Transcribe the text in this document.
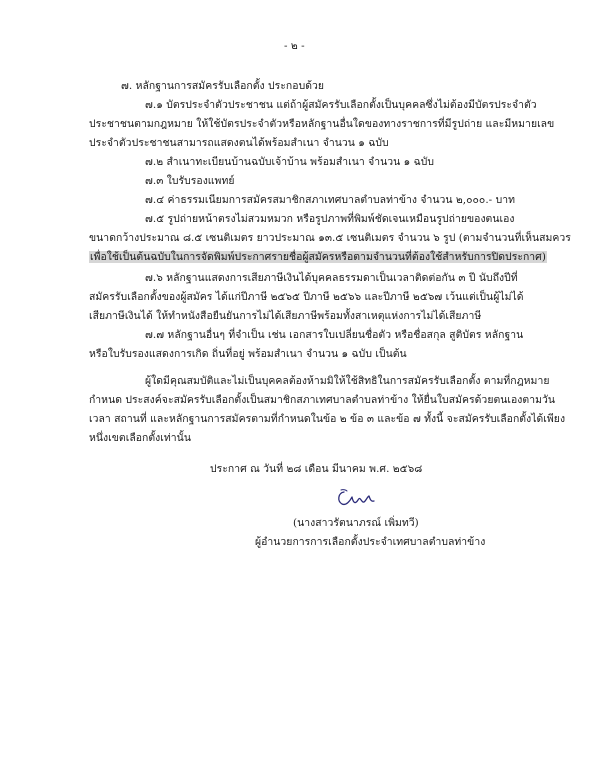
- ๒ -
๗. หลักฐานการสมัครรับเลือกตั้ง ประกอบด้วย
๗.๑ บัตรประจำตัวประชาชน แต่ถ้าผู้สมัครรับเลือกตั้งเป็นบุคคลซึ่งไม่ต้องมีบัตรประจำตัว
ประชาชนตามกฎหมาย ให้ใช้บัตรประจำตัวหรือหลักฐานอื่นใดของทางราชการที่มีรูปถ่าย และมีหมายเลข
ประจำตัวประชาชนสามารถแสดงตนได้พร้อมสำเนา จำนวน ๑ ฉบับ
๗.๒ สำเนาทะเบียนบ้านฉบับเจ้าบ้าน พร้อมสำเนา จำนวน ๑ ฉบับ
๗.๓ ใบรับรองแพทย์
๗.๔ ค่าธรรมเนียมการสมัครสมาชิกสภาเทศบาลตำบลท่าข้าง จำนวน ๒,๐๐๐.- บาท
๗.๕ รูปถ่ายหน้าตรงไม่สวมหมวก หรือรูปภาพที่พิมพ์ชัดเจนเหมือนรูปถ่ายของตนเอง
ขนาดกว้างประมาณ ๘.๕ เซนติเมตร ยาวประมาณ ๑๓.๕ เซนติเมตร จำนวน ๖ รูป (ตามจำนวนที่เห็นสมควร
เพื่อใช้เป็นต้นฉบับในการจัดพิมพ์ประกาศรายชื่อผู้สมัครหรือตามจำนวนที่ต้องใช้สำหรับการปิดประกาศ)
๗.๖ หลักฐานแสดงการเสียภาษีเงินได้บุคคลธรรมดาเป็นเวลาติดต่อกัน ๓ ปี นับถึงปีที่
สมัครรับเลือกตั้งของผู้สมัคร ได้แก่ปีภาษี ๒๕๖๕ ปีภาษี ๒๕๖๖ และปีภาษี ๒๕๖๗ เว้นแต่เป็นผู้ไม่ได้
เสียภาษีเงินได้ ให้ทำหนังสือยืนยันการไม่ได้เสียภาษีพร้อมทั้งสาเหตุแห่งการไม่ได้เสียภาษี
๗.๗ หลักฐานอื่นๆ ที่จำเป็น เช่น เอกสารใบเปลี่ยนชื่อตัว หรือชื่อสกุล สูติบัตร หลักฐาน
หรือใบรับรองแสดงการเกิด ถิ่นที่อยู่ พร้อมสำเนา จำนวน ๑ ฉบับ เป็นต้น
ผู้ใดมีคุณสมบัติและไม่เป็นบุคคลต้องห้ามมิให้ใช้สิทธิในการสมัครรับเลือกตั้ง ตามที่กฎหมาย
กำหนด ประสงค์จะสมัครรับเลือกตั้งเป็นสมาชิกสภาเทศบาลตำบลท่าข้าง ให้ยื่นใบสมัครด้วยตนเองตามวัน
เวลา สถานที่ และหลักฐานการสมัครตามที่กำหนดในข้อ ๒ ข้อ ๓ และข้อ ๗ ทั้งนี้ จะสมัครรับเลือกตั้งได้เพียง
หนึ่งเขตเลือกตั้งเท่านั้น
ประกาศ ณ วันที่ ๒๘ เดือน มีนาคม พ.ศ. ๒๕๖๘
(นางสาวรัตนาภรณ์ เพิ่มทวี)
ผู้อำนวยการการเลือกตั้งประจำเทศบาลตำบลท่าข้าง
